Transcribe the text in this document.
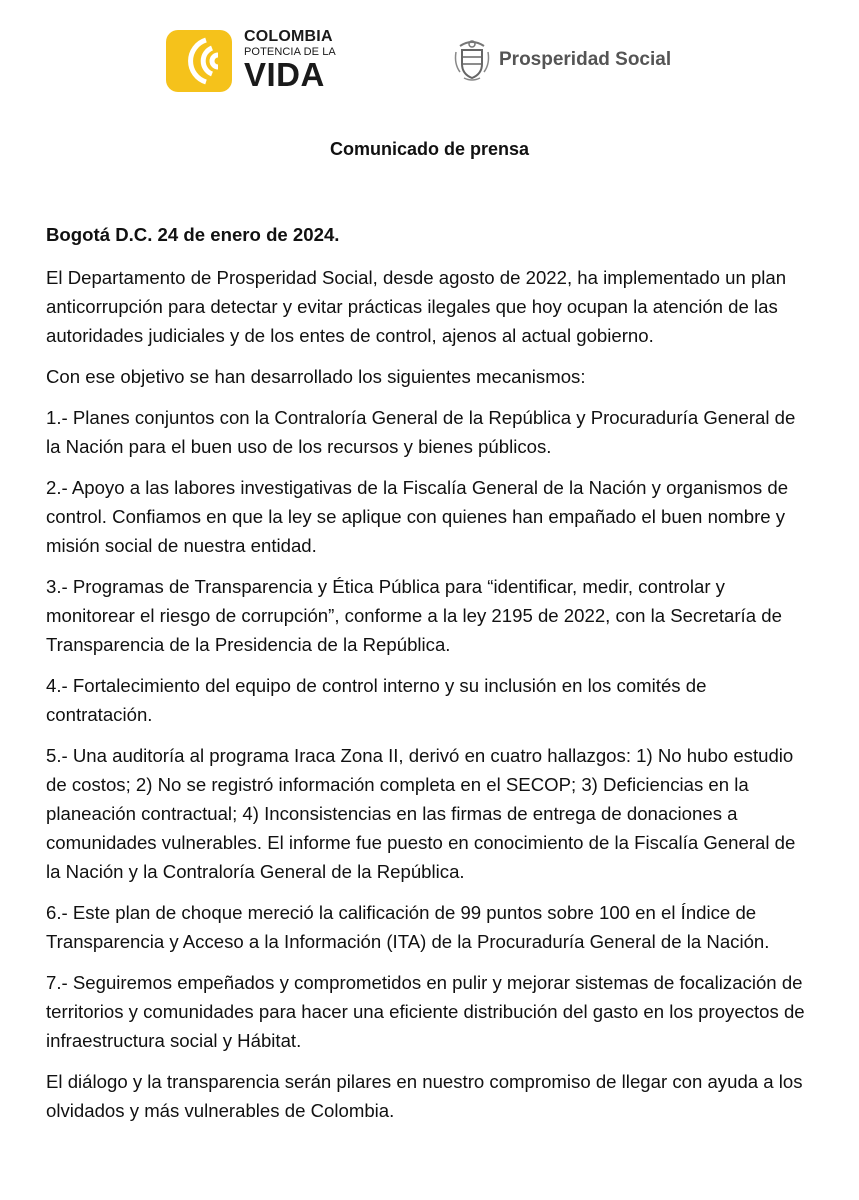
COLOMBIA
POTENCIA DE LA
VIDA	Prosperidad Social
Comunicado de prensa

Bogotá D.C. 24 de enero de 2024.

El Departamento de Prosperidad Social, desde agosto de 2022, ha implementado un plan anticorrupción para detectar y evitar prácticas ilegales que hoy ocupan la atención de las autoridades judiciales y de los entes de control, ajenos al actual gobierno.

Con ese objetivo se han desarrollado los siguientes mecanismos:

1.- Planes conjuntos con la Contraloría General de la República y Procuraduría General de la Nación para el buen uso de los recursos y bienes públicos.

2.- Apoyo a las labores investigativas de la Fiscalía General de la Nación y organismos de control. Confiamos en que la ley se aplique con quienes han empañado el buen nombre y misión social de nuestra entidad.

3.- Programas de Transparencia y Ética Pública para “identificar, medir, controlar y monitorear el riesgo de corrupción”, conforme a la ley 2195 de 2022, con la Secretaría de Transparencia de la Presidencia de la República.

4.- Fortalecimiento del equipo de control interno y su inclusión en los comités de contratación.

5.- Una auditoría al programa Iraca Zona II, derivó en cuatro hallazgos: 1) No hubo estudio de costos; 2) No se registró información completa en el SECOP; 3) Deficiencias en la planeación contractual; 4) Inconsistencias en las firmas de entrega de donaciones a comunidades vulnerables. El informe fue puesto en conocimiento de la Fiscalía General de la Nación y la Contraloría General de la República.

6.- Este plan de choque mereció la calificación de 99 puntos sobre 100 en el Índice de Transparencia y Acceso a la Información (ITA) de la Procuraduría General de la Nación.

7.- Seguiremos empeñados y comprometidos en pulir y mejorar sistemas de focalización de territorios y comunidades para hacer una eficiente distribución del gasto en los proyectos de infraestructura social y Hábitat.

El diálogo y la transparencia serán pilares en nuestro compromiso de llegar con ayuda a los olvidados y más vulnerables de Colombia.
